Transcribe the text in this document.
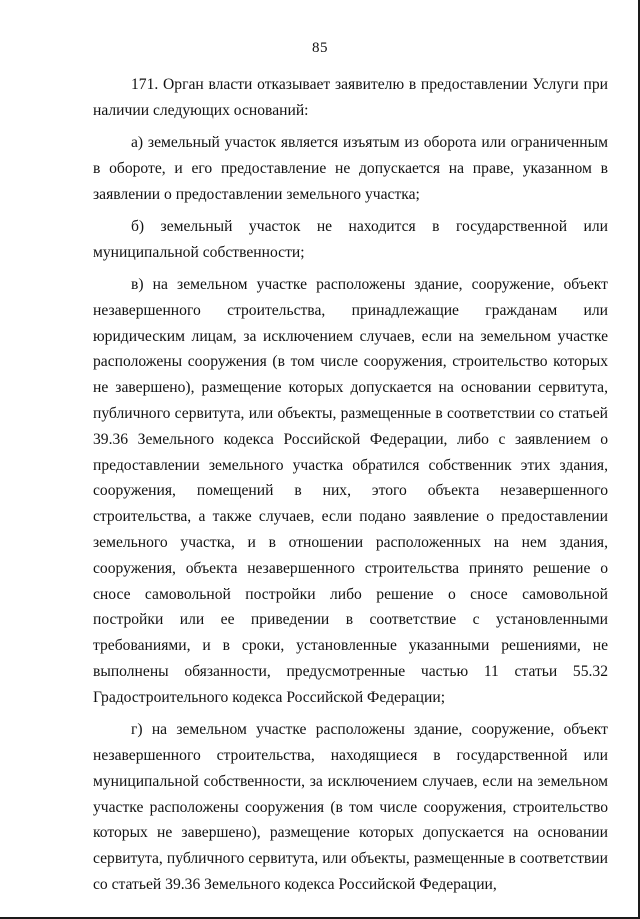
85

171. Орган власти отказывает заявителю в предоставлении Услуги при наличии следующих оснований:

а) земельный участок является изъятым из оборота или ограниченным в обороте, и его предоставление не допускается на праве, указанном в заявлении о предоставлении земельного участка;

б) земельный участок не находится в государственной или муниципальной собственности;

в) на земельном участке расположены здание, сооружение, объект незавершенного строительства, принадлежащие гражданам или юридическим лицам, за исключением случаев, если на земельном участке расположены сооружения (в том числе сооружения, строительство которых не завершено), размещение которых допускается на основании сервитута, публичного сервитута, или объекты, размещенные в соответствии со статьей 39.36 Земельного кодекса Российской Федерации, либо с заявлением о предоставлении земельного участка обратился собственник этих здания, сооружения, помещений в них, этого объекта незавершенного строительства, а также случаев, если подано заявление о предоставлении земельного участка, и в отношении расположенных на нем здания, сооружения, объекта незавершенного строительства принято решение о сносе самовольной постройки либо решение о сносе самовольной постройки или ее приведении в соответствие с установленными требованиями, и в сроки, установленные указанными решениями, не выполнены обязанности, предусмотренные частью 11 статьи 55.32 Градостроительного кодекса Российской Федерации;

г) на земельном участке расположены здание, сооружение, объект незавершенного строительства, находящиеся в государственной или муниципальной собственности, за исключением случаев, если на земельном участке расположены сооружения (в том числе сооружения, строительство которых не завершено), размещение которых допускается на основании сервитута, публичного сервитута, или объекты, размещенные в соответствии со статьей 39.36 Земельного кодекса Российской Федерации,
